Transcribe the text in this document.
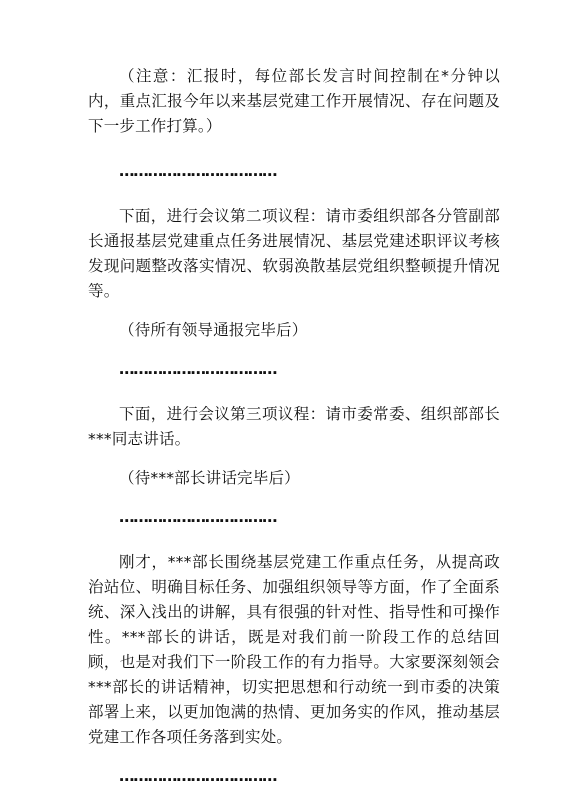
（注意：汇报时，每位部长发言时间控制在*分钟以内，重点汇报今年以来基层党建工作开展情况、存在问题及下一步工作打算。）

……………………………

下面，进行会议第二项议程：请市委组织部各分管副部长通报基层党建重点任务进展情况、基层党建述职评议考核发现问题整改落实情况、软弱涣散基层党组织整顿提升情况等。

（待所有领导通报完毕后）

……………………………

下面，进行会议第三项议程：请市委常委、组织部部长***同志讲话。

（待***部长讲话完毕后）

……………………………

刚才，***部长围绕基层党建工作重点任务，从提高政治站位、明确目标任务、加强组织领导等方面，作了全面系统、深入浅出的讲解，具有很强的针对性、指导性和可操作性。***部长的讲话，既是对我们前一阶段工作的总结回顾，也是对我们下一阶段工作的有力指导。大家要深刻领会***部长的讲话精神，切实把思想和行动统一到市委的决策部署上来，以更加饱满的热情、更加务实的作风，推动基层党建工作各项任务落到实处。

……………………………
